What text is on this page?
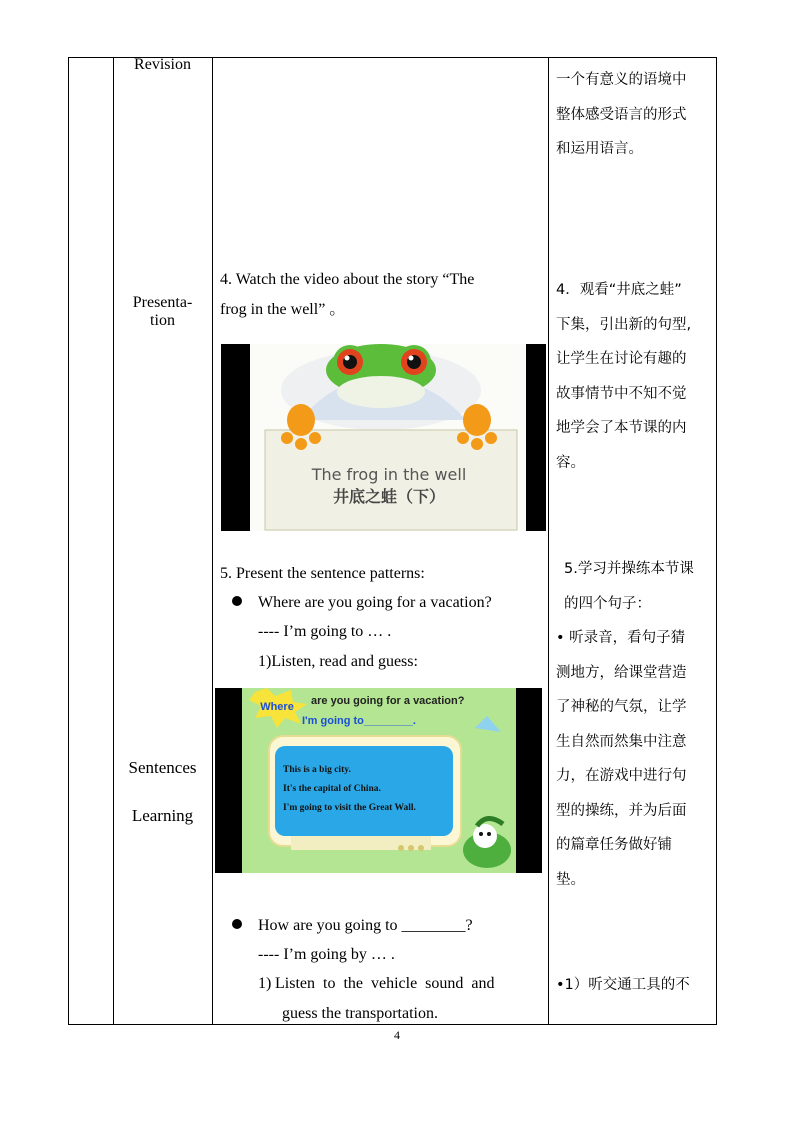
Revision
Presenta-
tion
Sentences
Learning
4. Watch the video about the story “The
frog in the well” 。
The frog in the well
井底之蛙（下）
5. Present the sentence patterns:
Where are you going for a vacation?
---- I’m going to … .
1)Listen, read and guess:
Where are you going for a vacation?
I'm going to________.
This is a big city.
It's the capital of China.
I'm going to visit the Great Wall.
How are you going to ________?
---- I’m going by … .
1) Listen  to  the  vehicle  sound  and
guess the transportation.
一个有意义的语境中
整体感受语言的形式
和运用语言。
4．观看“井底之蛙”
下集，引出新的句型,
让学生在讨论有趣的
故事情节中不知不觉
地学会了本节课的内
容。
5.学习并操练本节课
的四个句子：
• 听录音，看句子猜
测地方，给课堂营造
了神秘的气氛，让学
生自然而然集中注意
力，在游戏中进行句
型的操练，并为后面
的篇章任务做好铺
垫。
•1）听交通工具的不
4
